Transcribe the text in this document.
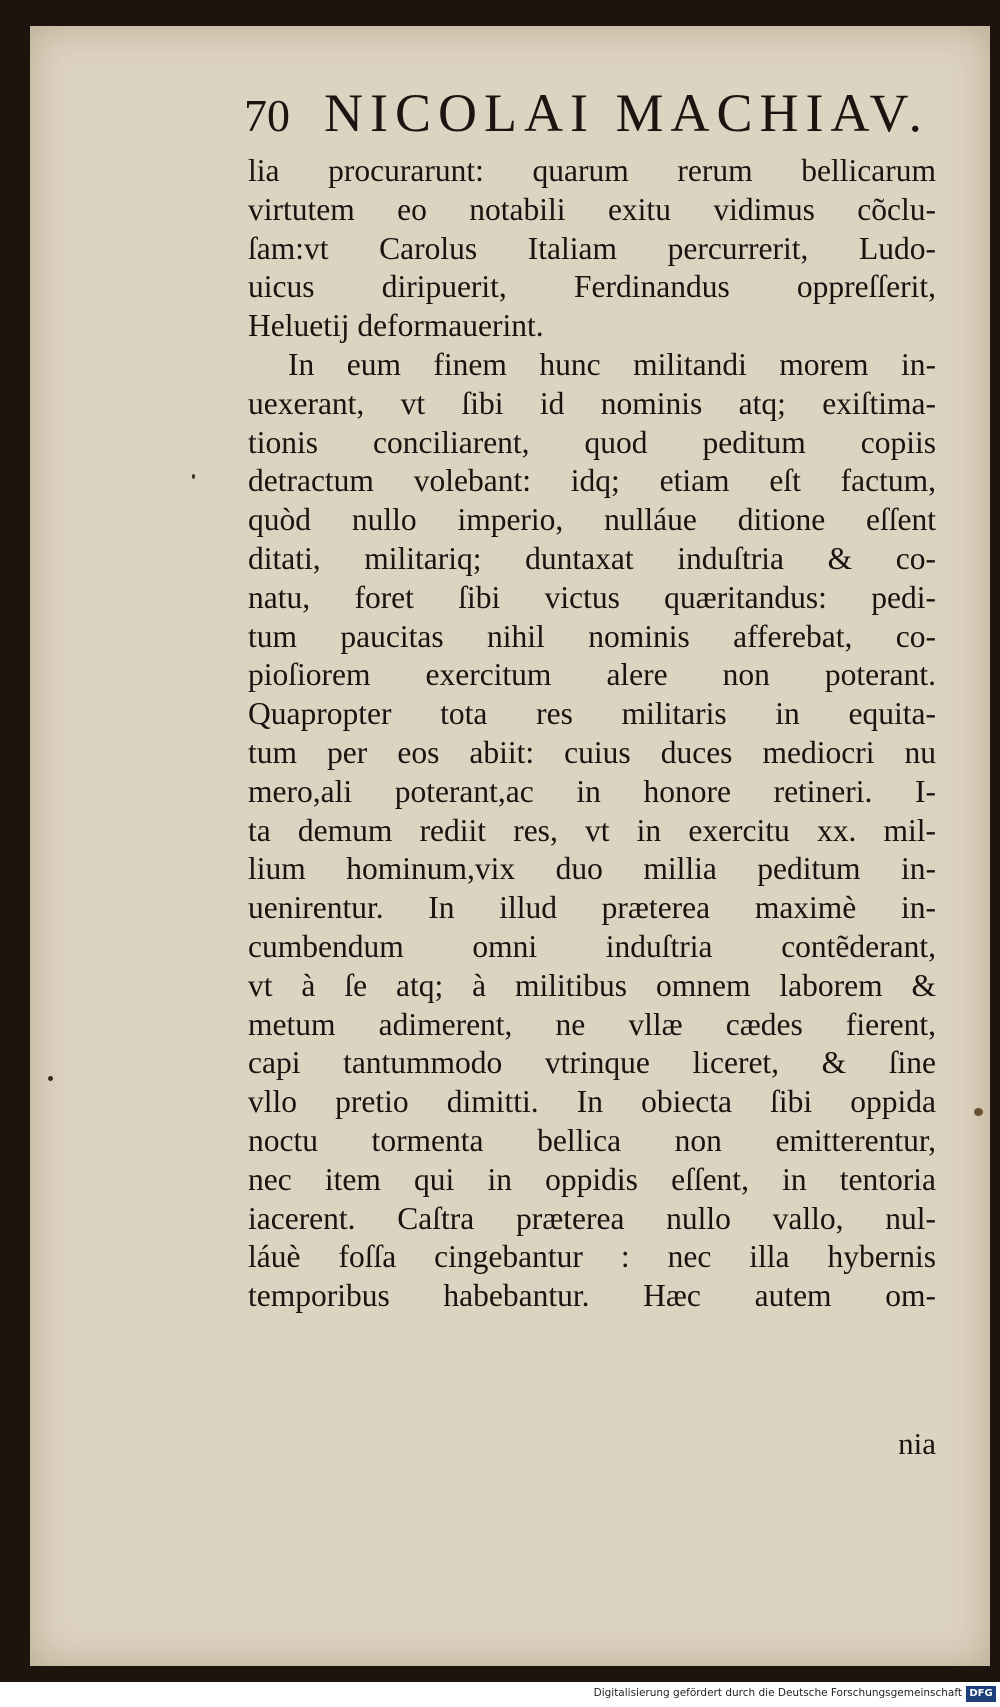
70 NICOLAI MACHIAV.
lia procurarunt: quarum rerum bellicarum
virtutem eo notabili exitu vidimus cõclu-
ſam:vt Carolus Italiam percurrerit, Ludo-
uicus diripuerit, Ferdinandus oppreſſerit,
Heluetij deformauerint.
In eum finem hunc militandi morem in-
uexerant, vt ſibi id nominis atq; exiſtima-
tionis conciliarent, quod peditum copiis
detractum volebant: idq; etiam eſt factum,
quòd nullo imperio, nulláue ditione eſſent
ditati, militariq; duntaxat induſtria & co-
natu, foret ſibi victus quæritandus: pedi-
tum paucitas nihil nominis afferebat, co-
pioſiorem exercitum alere non poterant.
Quapropter tota res militaris in equita-
tum per eos abiit: cuius duces mediocri nu
mero,ali poterant,ac in honore retineri. I-
ta demum rediit res, vt in exercitu xx. mil-
lium hominum,vix duo millia peditum in-
uenirentur. In illud præterea maximè in-
cumbendum omni induſtria contẽderant,
vt à ſe atq; à militibus omnem laborem &
metum adimerent, ne vllæ cædes fierent,
capi tantummodo vtrinque liceret, & ſine
vllo pretio dimitti. In obiecta ſibi oppida
noctu tormenta bellica non emitterentur,
nec item qui in oppidis eſſent, in tentoria
iacerent. Caſtra præterea nullo vallo, nul-
láuè foſſa cingebantur : nec illa hybernis
temporibus habebantur. Hæc autem om-
nia
Digitalisierung gefördert durch die Deutsche Forschungsgemeinschaft DFG
